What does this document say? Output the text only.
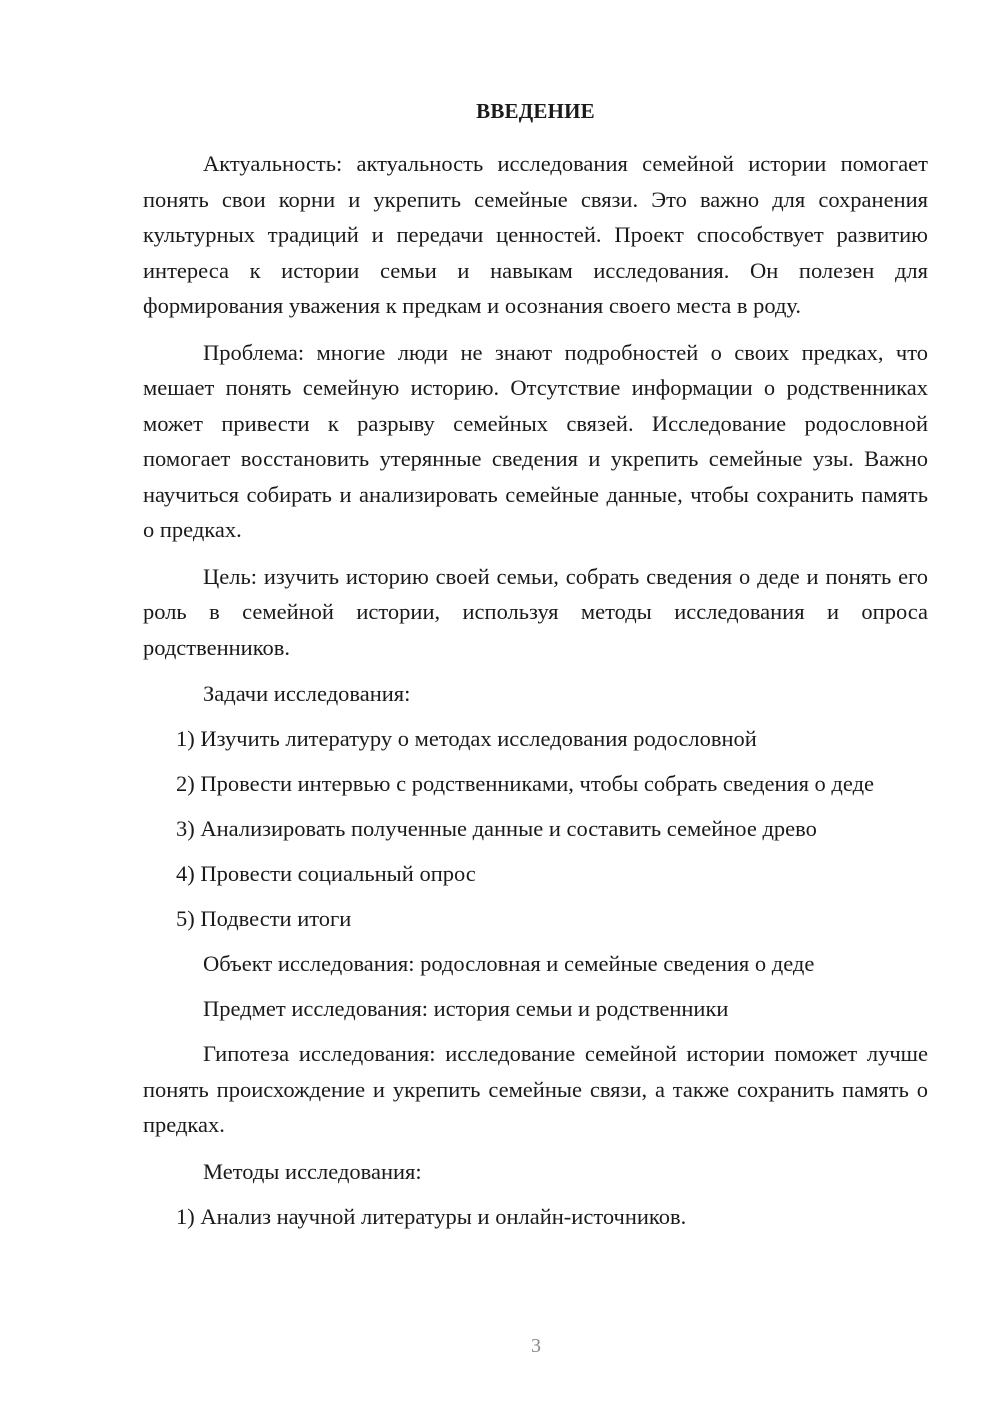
ВВЕДЕНИЕ

Актуальность: актуальность исследования семейной истории помогает понять свои корни и укрепить семейные связи. Это важно для сохранения культурных традиций и передачи ценностей. Проект способствует развитию интереса к истории семьи и навыкам исследования. Он полезен для формирования уважения к предкам и осознания своего места в роду.

Проблема: многие люди не знают подробностей о своих предках, что мешает понять семейную историю. Отсутствие информации о родственниках может привести к разрыву семейных связей. Исследование родословной помогает восстановить утерянные сведения и укрепить семейные узы. Важно научиться собирать и анализировать семейные данные, чтобы сохранить память о предках.

Цель: изучить историю своей семьи, собрать сведения о деде и понять его роль в семейной истории, используя методы исследования и опроса родственников.

Задачи исследования:

1) Изучить литературу о методах исследования родословной

2) Провести интервью с родственниками, чтобы собрать сведения о деде

3) Анализировать полученные данные и составить семейное древо

4) Провести социальный опрос

5) Подвести итоги

Объект исследования: родословная и семейные сведения о деде

Предмет исследования: история семьи и родственники

Гипотеза исследования: исследование семейной истории поможет лучше понять происхождение и укрепить семейные связи, а также сохранить память о предках.

Методы исследования:

1) Анализ научной литературы и онлайн-источников.

3
